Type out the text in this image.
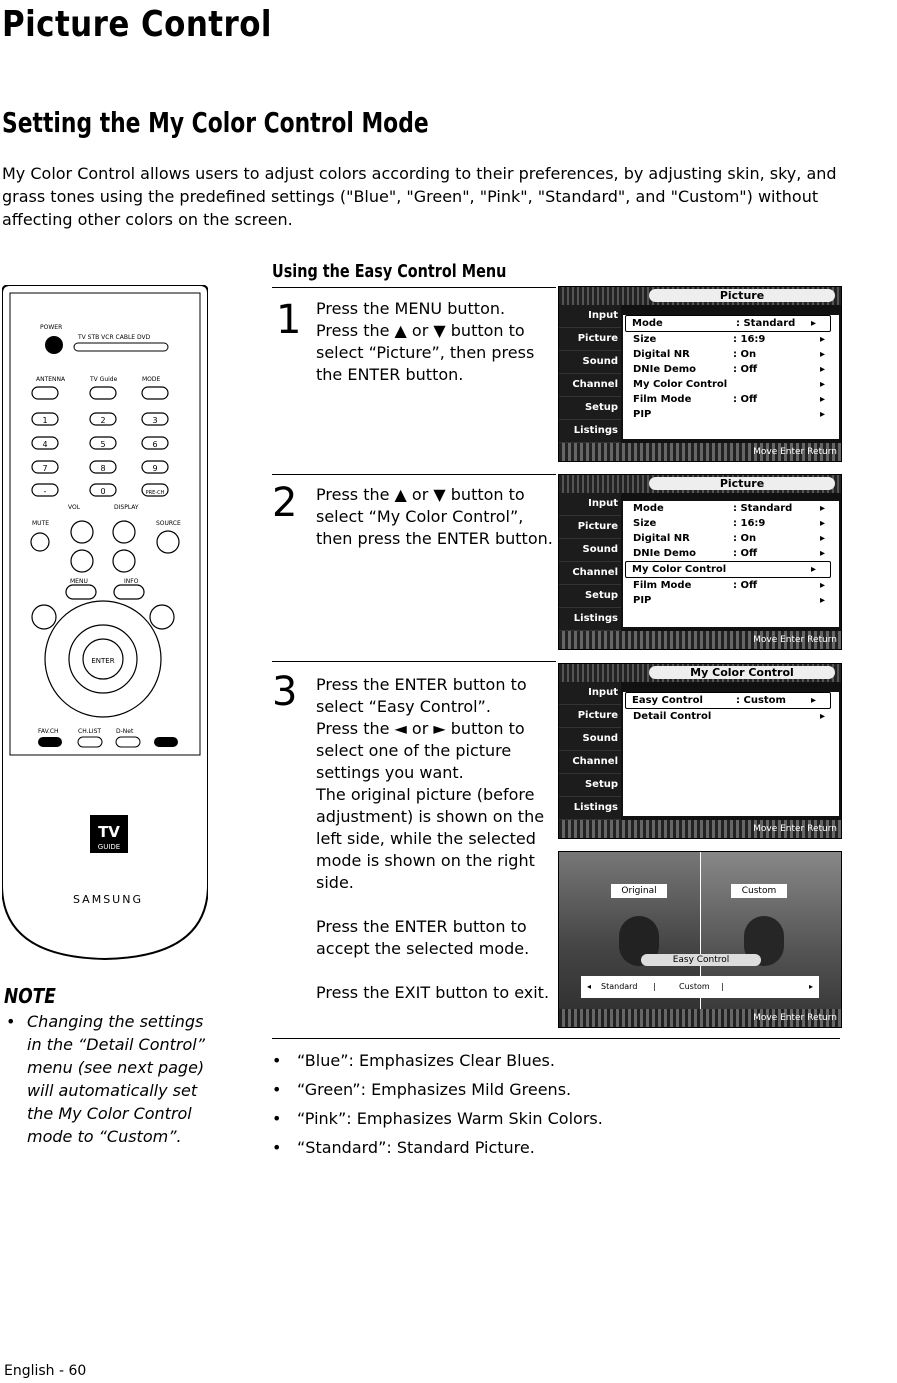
Picture Control
Setting the My Color Control Mode
My Color Control allows users to adjust colors according to their preferences, by adjusting skin, sky, and grass tones using the predefined settings ("Blue", "Green", "Pink", "Standard", and "Custom") without affecting other colors on the screen.
POWER
TV STB VCR CABLE DVD
ANTENNA	TV Guide	MODE
1	2	3
4	5	6
7	8	9
-	0	PRE-CH
VOL	DISPLAY
MUTE	SOURCE
MENU	INFO
ENTER
FAV.CH	CH.LIST D-Net
TV
GUIDE
SAMSUNG
Using the Easy Control Menu
1 Press the MENU button.

Press the ▲ or ▼ button to select “Picture”, then press the ENTER button.

2 Press the ▲ or ▼ button to select “My Color Control”, then press the ENTER button.

3 Press the ENTER button to select “Easy Control”.

Press the ◄ or ► button to select one of the picture settings you want.

The original picture (before adjustment) is shown on the left side, while the selected mode is shown on the right side.

Press the ENTER button to accept the selected mode.

Press the EXIT button to exit.

Picture
Input
Picture
Sound
Channel
Setup
Listings
Mode	: Standard ▸
Size	: 16:9	▸
Digital NR	: On	▸
DNIe Demo	: Off	▸
My Color Control	▸
Film Mode	: Off	▸
PIP	▸
Move Enter Return
Picture
Input
Picture
Sound
Channel
Setup
Listings
Mode	: Standard	▸
Size	: 16:9	▸
Digital NR	: On	▸
DNIe Demo	: Off	▸
My Color Control	▸
Film Mode	: Off	▸
PIP	▸
Move Enter Return
My Color Control
Input
Picture
Sound
Channel
Setup
Listings
Easy Control	: Custom	▸
Detail Control	▸
Move Enter Return
Original	Custom
Easy Control
◂ Standard |	Custom |	▸
Move Enter Return
NOTE
• Changing the settings in the “Detail Control” menu (see next page) will automatically set the My Color Control mode to “Custom”.
• “Blue”: Emphasizes Clear Blues.
• “Green”: Emphasizes Mild Greens.
• “Pink”: Emphasizes Warm Skin Colors.
• “Standard”: Standard Picture.
English - 60
